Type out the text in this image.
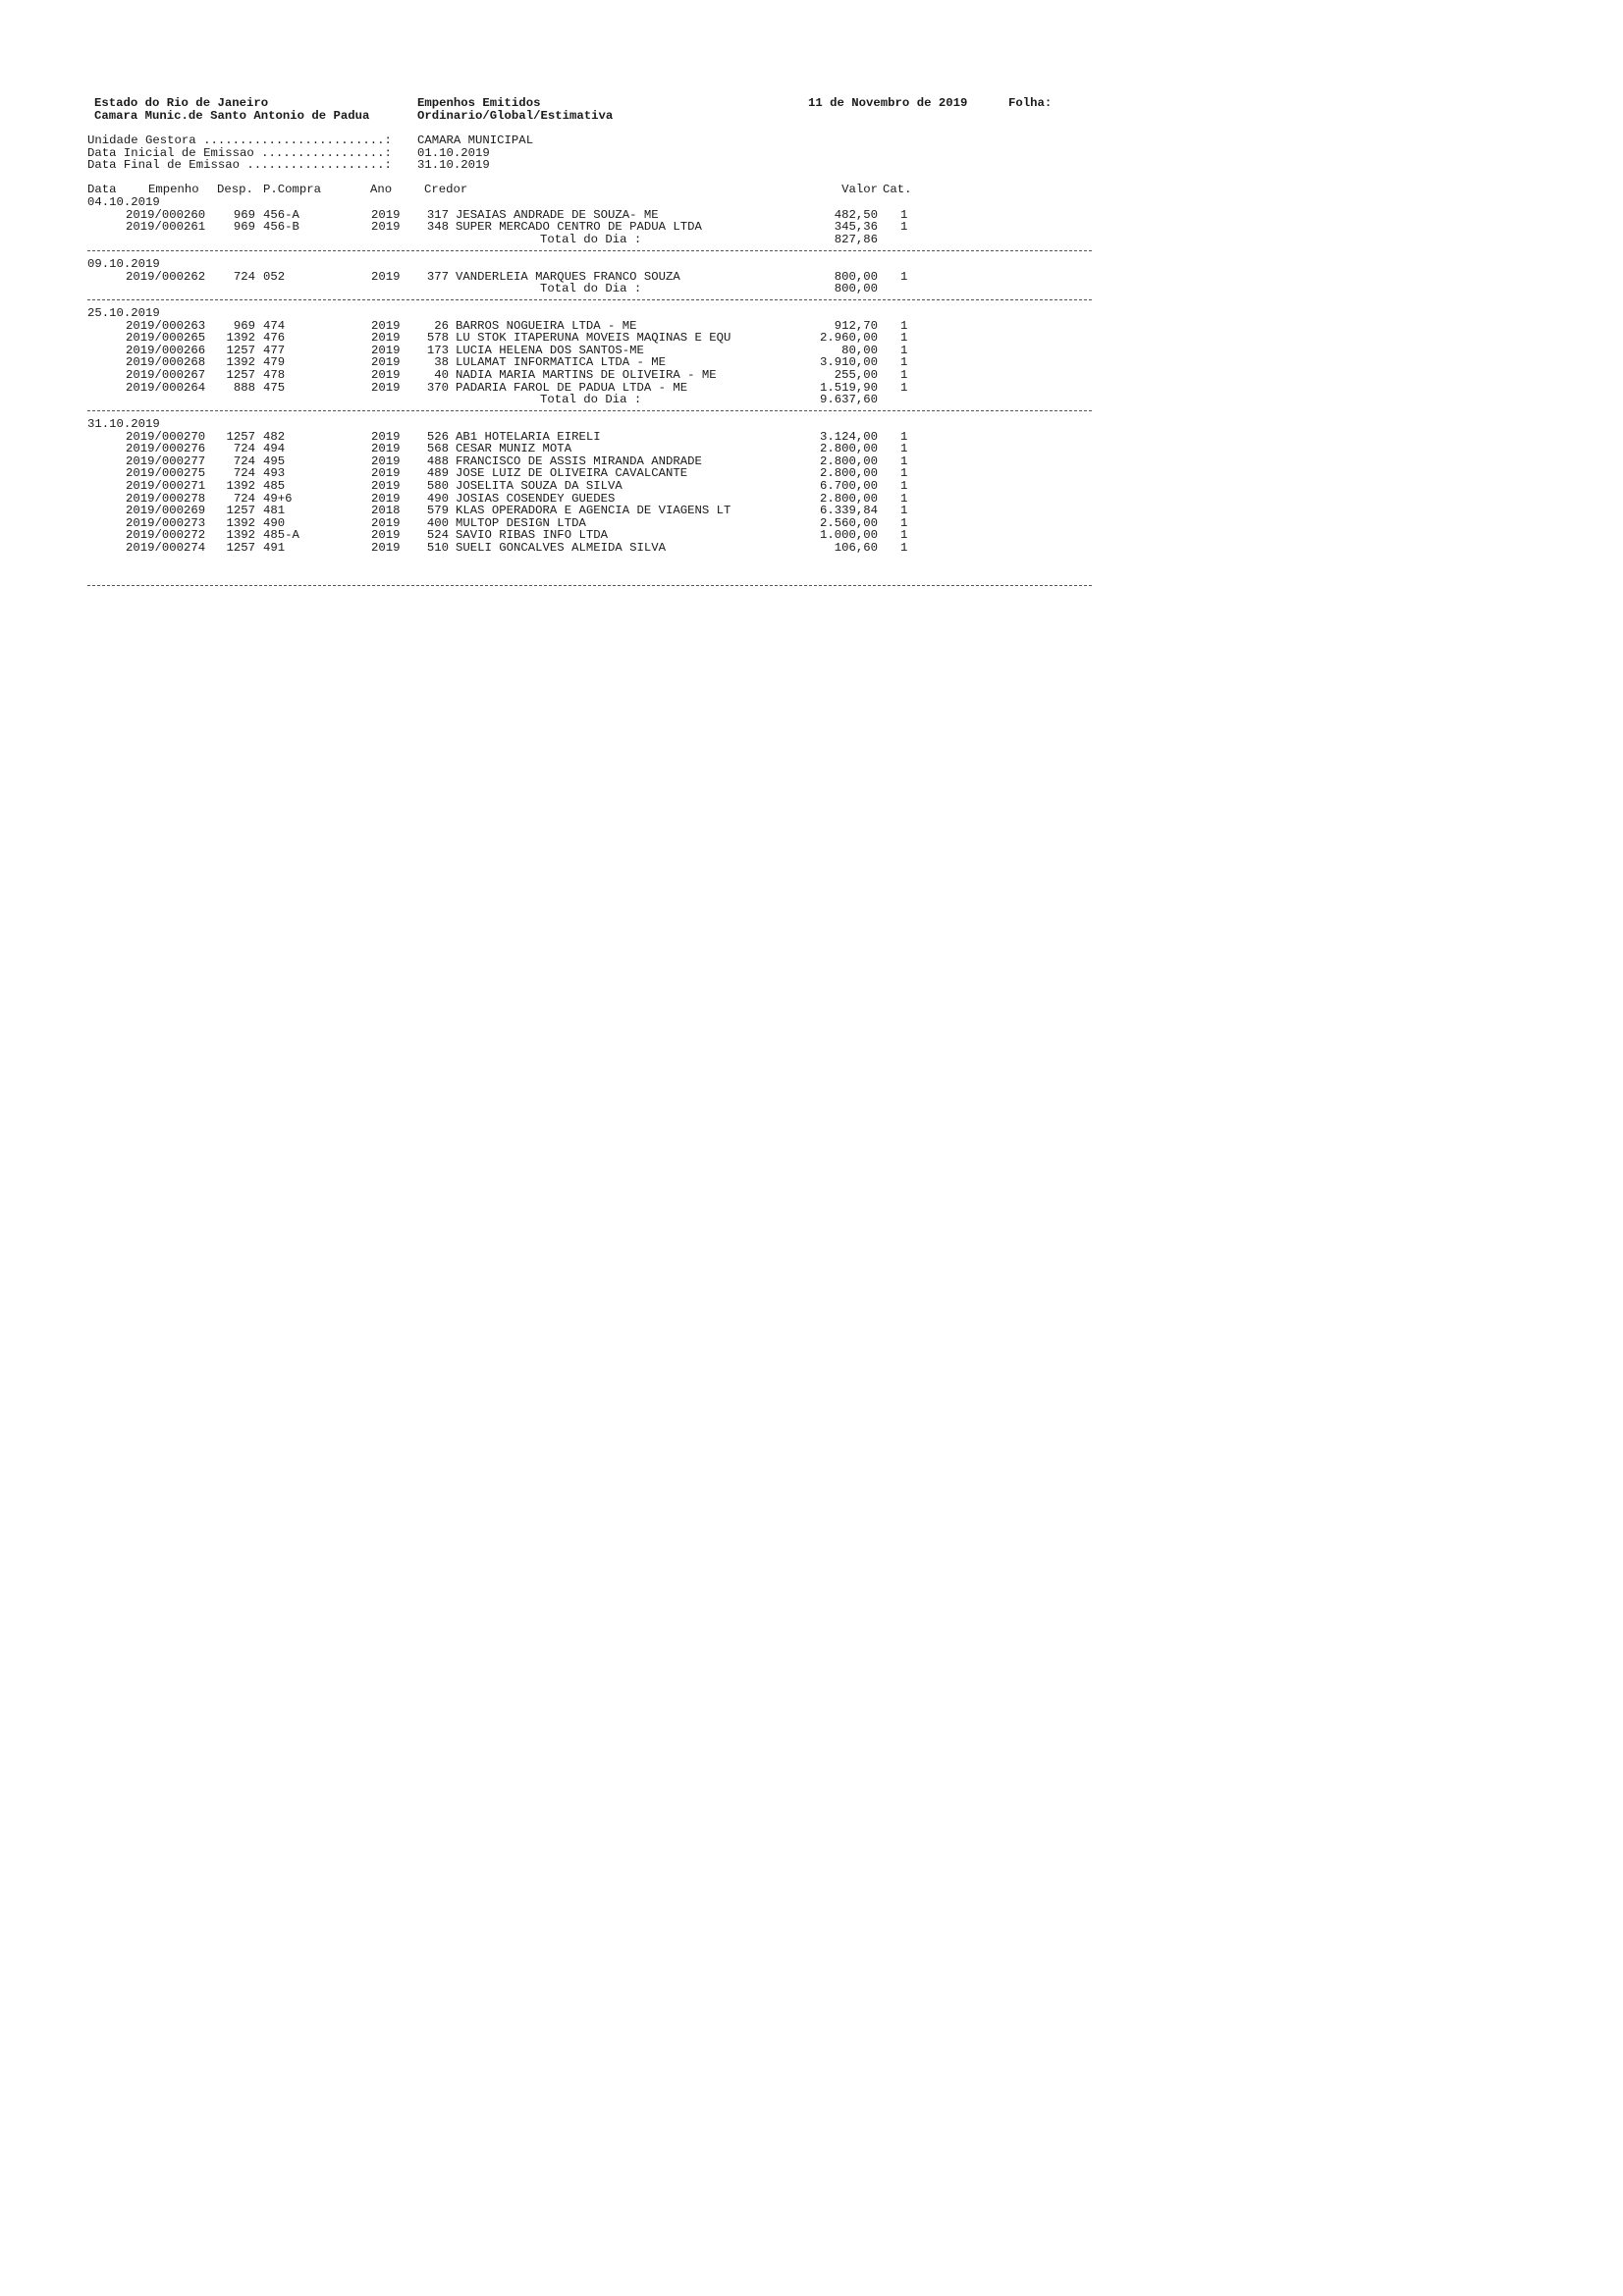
Estado do Rio de Janeiro
Camara Munic.de Santo Antonio de Padua
Empenhos Emitidos
Ordinario/Global/Estimativa
11 de Novembro de 2019	Folha:
Unidade Gestora .........................: CAMARA MUNICIPAL
Data Inicial de Emissao .................: 01.10.2019
Data Final de Emissao ...................: 31.10.2019
Data	Empenho Desp. P.Compra	Ano	Credor	Valor Cat.
04.10.2019
2019/000260	969 456-A	2019	317 JESAIAS ANDRADE DE SOUZA- ME	482,50 1
2019/000261	969 456-B	2019	348 SUPER MERCADO CENTRO DE PADUA LTDA	345,36 1
Total do Dia :	827,86
09.10.2019
2019/000262	724 052	2019	377 VANDERLEIA MARQUES FRANCO SOUZA	800,00 1
Total do Dia :	800,00
25.10.2019
2019/000263	969 474	2019	26 BARROS NOGUEIRA LTDA - ME	912,70 1
2019/000265	1392 476	2019	578 LU STOK ITAPERUNA MOVEIS MAQINAS E EQU	2.960,00 1
2019/000266	1257 477	2019	173 LUCIA HELENA DOS SANTOS-ME	80,00 1
2019/000268	1392 479	2019	38 LULAMAT INFORMATICA LTDA - ME	3.910,00 1
2019/000267	1257 478	2019	40 NADIA MARIA MARTINS DE OLIVEIRA - ME	255,00 1
2019/000264	888 475	2019	370 PADARIA FAROL DE PADUA LTDA - ME	1.519,90 1
Total do Dia :	9.637,60
31.10.2019
2019/000270	1257 482	2019	526 AB1 HOTELARIA EIRELI	3.124,00 1
2019/000276	724 494	2019	568 CESAR MUNIZ MOTA	2.800,00 1
2019/000277	724 495	2019	488 FRANCISCO DE ASSIS MIRANDA ANDRADE	2.800,00 1
2019/000275	724 493	2019	489 JOSE LUIZ DE OLIVEIRA CAVALCANTE	2.800,00 1
2019/000271	1392 485	2019	580 JOSELITA SOUZA DA SILVA	6.700,00 1
2019/000278	724 49+6	2019	490 JOSIAS COSENDEY GUEDES	2.800,00 1
2019/000269	1257 481	2018	579 KLAS OPERADORA E AGENCIA DE VIAGENS LT	6.339,84 1
2019/000273	1392 490	2019	400 MULTOP DESIGN LTDA	2.560,00 1
2019/000272	1392 485-A	2019	524 SAVIO RIBAS INFO LTDA	1.000,00 1
2019/000274	1257 491	2019	510 SUELI GONCALVES ALMEIDA SILVA	106,60 1
